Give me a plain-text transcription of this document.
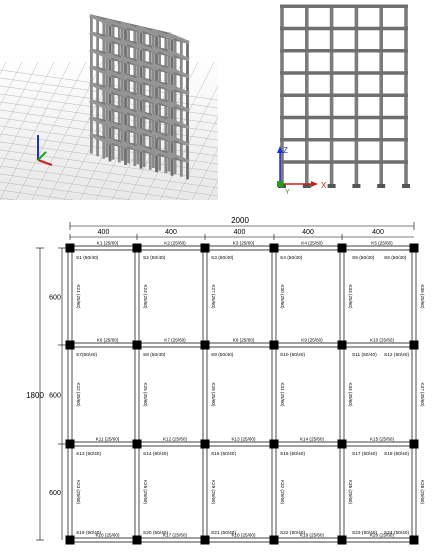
Z
Y
X
2000
1800
400	400	400	400	400
600
600
600
K1 (25/60)	K2 (25/60)	K3 (25/60)	K4 (25/60)	K5 (25/60)
K6 (25/60)	K7 (25/60)	K8 (25/60)	K9 (25/60)	K10 (25/60)
K11 (25/60)	K12 (25/60)	K13 (25/60)	K14 (25/60)	K15 (25/60)
K16 (25/60)	K17 (25/60)	K18 (25/60)	K19 (25/60)	K20 (25/60)
K21 (25/60)	K24 (25/60)	K27 (25/60)	K30 (25/60)	K33 (25/60)	K36 (25/60)
K22 (25/60)	K25 (25/60)	K28 (25/60)	K31 (25/60)	K34 (25/60)	K37 (25/60)
K23 (25/60)	K26 (25/60)	K29 (25/60)	K32 (25/60)	K35 (25/60)	K38 (25/60)
S1 (50/40)	S2 (50/40)	S3 (50/40)	S4 (50/40)	S5 (50/40) S6 (50/40)
S7(50/40)	S8 (50/40)	S9 (50/40)	S10 (50/40)	S11 (50/40) S12 (50/40)
S13 (50/40)	S14 (50/40)	S15 (50/40)	S16 (50/40)	S17 (50/40) S18 (50/40)
S19 (50/40)	S20 (50/40)	S21 (50/40)	S22 (50/40)	S23 (50/40) S24 (50/40)
